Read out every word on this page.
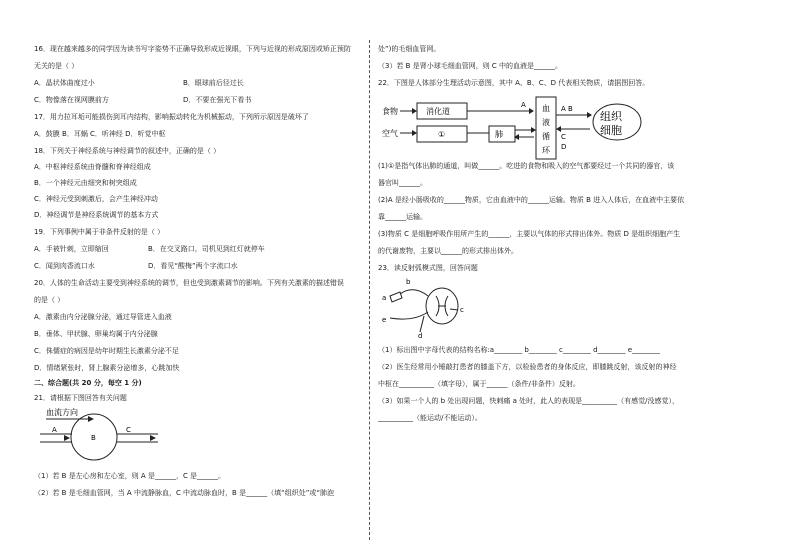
16．现在越来越多的同学因为读书写字姿势不正确导致形成近视眼，下列与近视的形成原因或矫正预防
无关的是（ ）
A．晶状体曲度过小	B．眼球前后径过长
C．物像落在视网膜前方	D．不要在强光下看书
17．用力拉耳垢可能损伤到耳内结构，影响振动转化为机械振动，下列所示原因是破坏了
A．鼓膜 B．耳蜗 C．听神经 D．听觉中枢
18．下列关于神经系统与神经调节的叙述中，正确的是（ ）
A．中枢神经系统由脊髓和脊神经组成
B．一个神经元由细突和树突组成
C．神经元受到刺激后，会产生神经冲动
D．神经调节是神经系统调节的基本方式
19．下列事例中属于非条件反射的是（ ）
A．手被针刺，立即缩回	B．在交叉路口，司机见到红灯就停车
C．闻到肉香流口水	D．看见“酸梅”两个字流口水
20．人体的生命活动主要受到神经系统的调节，但也受到激素调节的影响。下列有关激素的描述错误
的是（ ）
A．激素由内分泌腺分泌，通过导管进入血液
B．垂体、甲状腺、卵巢均属于内分泌腺
C．侏儒症的病因是幼年时期生长激素分泌不足
D．情绪紧张时，肾上腺素分泌增多，心跳加快
二、综合题(共 20 分，每空 1 分)
21．请根据下图回答有关问题
血流方向
A	C
B
（1）若 B 是左心房和左心室，则 A 是______，C 是______。
（2）若 B 是毛细血管网，当 A 中流静脉血，C 中流动脉血时，B 是______（填“组织处”或“肺泡
处”)的毛细血管网。
（3）若 B 是肾小球毛细血管网，则 C 中的血液是______。
22．下图是人体部分生理活动示意图，其中 A、B、C、D 代表相关物质，请据图回答。
食物	消化道
A
空气	①	肺
血
液
循
环
A B
C
D
组织
细胞
(1)①是指气体出肺的通道，叫做______。吃进的食物和吸入的空气都要经过一个共同的器官，该
器官叫______。
(2)A 是经小肠吸收的______物质，它由血液中的______运输。物质 B 进入人体后，在血液中主要依
靠______运输。
(3)物质 C 是细胞呼吸作用所产生的______，主要以气体的形式排出体外。物质 D 是组织细胞产生
的代谢废物，主要以______的形式排出体外。
23．读反射弧模式图，回答问题
a
b
c
d
e
（1）标出图中字母代表的结构名称:a________ b________ c________ d________ e________
（2）医生经常用小锤敲打患者的膝盖下方，以检验患者的身体反应，即膝跳反射，该反射的神经
中枢在__________（填字母），属于______（条件/非条件）反射。
（3）如果一个人的 b 处出现问题，快刺痛 a 处时，此人的表现是__________（有感觉/没感觉），
__________（能运动/不能运动）。
